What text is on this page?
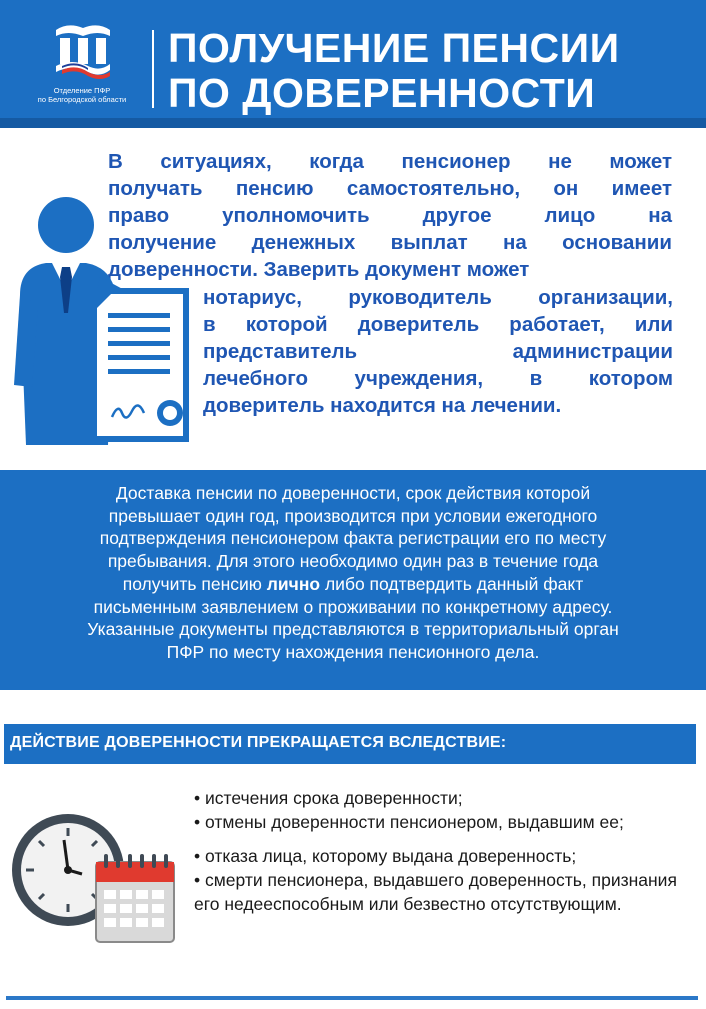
Отделение ПФР
по Белгородской области
ПОЛУЧЕНИЕ ПЕНСИИ
ПО ДОВЕРЕННОСТИ
В ситуациях, когда пенсионер не может
получать пенсию самостоятельно, он имеет
право уполномочить другое лицо на
получение денежных выплат на основании
доверенности. Заверить документ может
нотариус, руководитель организации,
в которой доверитель работает, или
представитель администрации
лечебного учреждения, в котором
доверитель находится на лечении.
Доставка пенсии по доверенности, срок действия которой
превышает один год, производится при условии ежегодного
подтверждения пенсионером факта регистрации его по месту
пребывания. Для этого необходимо один раз в течение года
получить пенсию лично либо подтвердить данный факт
письменным заявлением о проживании по конкретному адресу.
Указанные документы представляются в территориальный орган
ПФР по месту нахождения пенсионного дела.
ДЕЙСТВИЕ ДОВЕРЕННОСТИ ПРЕКРАЩАЕТСЯ ВСЛЕДСТВИЕ:
• истечения срока доверенности;
• отмены доверенности пенсионером, выдавшим ее;
• отказа лица, которому выдана доверенность;
• смерти пенсионера, выдавшего доверенность, признания его недееспособным или безвестно отсутствующим.
